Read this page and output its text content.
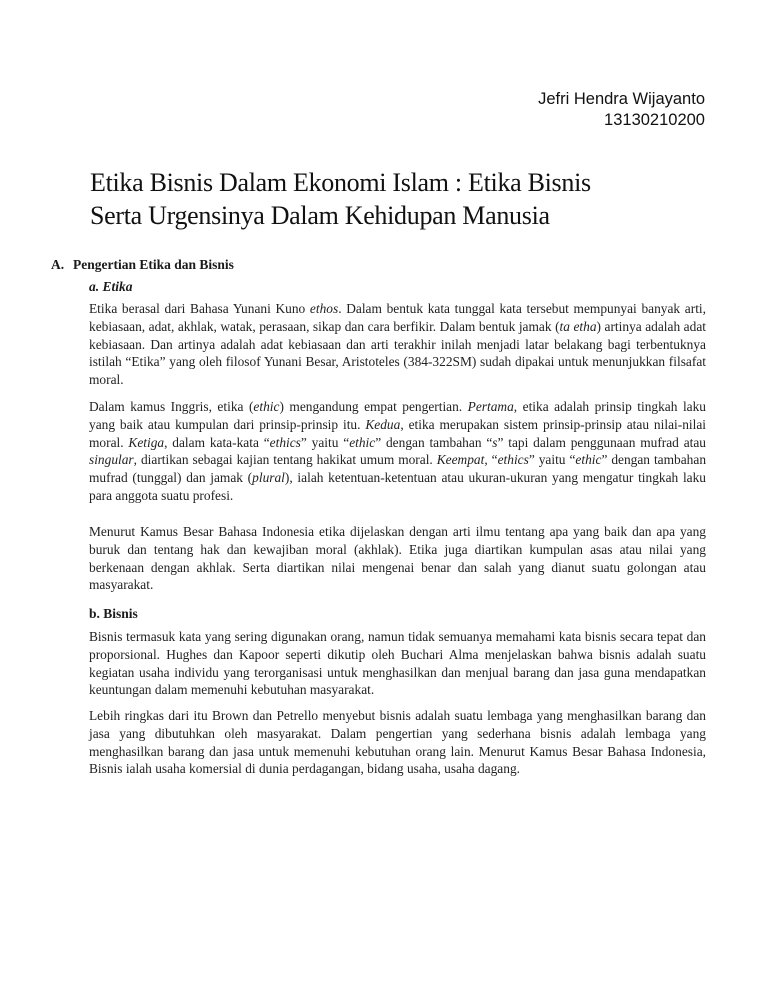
Jefri Hendra Wijayanto
13130210200
Etika Bisnis Dalam Ekonomi Islam : Etika Bisnis
Serta Urgensinya Dalam Kehidupan Manusia
A. Pengertian Etika dan Bisnis
a. Etika
Etika berasal dari Bahasa Yunani Kuno ethos. Dalam bentuk kata tunggal kata tersebut mempunyai banyak arti, kebiasaan, adat, akhlak, watak, perasaan, sikap dan cara berfikir. Dalam bentuk jamak (ta etha) artinya adalah adat kebiasaan. Dan artinya adalah adat kebiasaan dan arti terakhir inilah menjadi latar belakang bagi terbentuknya istilah “Etika” yang oleh filosof Yunani Besar, Aristoteles (384-322SM) sudah dipakai untuk menunjukkan filsafat moral.
Dalam kamus Inggris, etika (ethic) mengandung empat pengertian. Pertama, etika adalah prinsip tingkah laku yang baik atau kumpulan dari prinsip-prinsip itu. Kedua, etika merupakan sistem prinsip-prinsip atau nilai-nilai moral. Ketiga, dalam kata-kata “ethics” yaitu “ethic” dengan tambahan “s” tapi dalam penggunaan mufrad atau singular, diartikan sebagai kajian tentang hakikat umum moral. Keempat, “ethics” yaitu “ethic” dengan tambahan mufrad (tunggal) dan jamak (plural), ialah ketentuan-ketentuan atau ukuran-ukuran yang mengatur tingkah laku para anggota suatu profesi.
Menurut Kamus Besar Bahasa Indonesia etika dijelaskan dengan arti ilmu tentang apa yang baik dan apa yang buruk dan tentang hak dan kewajiban moral (akhlak). Etika juga diartikan kumpulan asas atau nilai yang berkenaan dengan akhlak. Serta diartikan nilai mengenai benar dan salah yang dianut suatu golongan atau masyarakat.
b. Bisnis
Bisnis termasuk kata yang sering digunakan orang, namun tidak semuanya memahami kata bisnis secara tepat dan proporsional. Hughes dan Kapoor seperti dikutip oleh Buchari Alma menjelaskan bahwa bisnis adalah suatu kegiatan usaha individu yang terorganisasi untuk menghasilkan dan menjual barang dan jasa guna mendapatkan keuntungan dalam memenuhi kebutuhan masyarakat.
Lebih ringkas dari itu Brown dan Petrello menyebut bisnis adalah suatu lembaga yang menghasilkan barang dan jasa yang dibutuhkan oleh masyarakat. Dalam pengertian yang sederhana bisnis adalah lembaga yang menghasilkan barang dan jasa untuk memenuhi kebutuhan orang lain. Menurut Kamus Besar Bahasa Indonesia, Bisnis ialah usaha komersial di dunia perdagangan, bidang usaha, usaha dagang.
